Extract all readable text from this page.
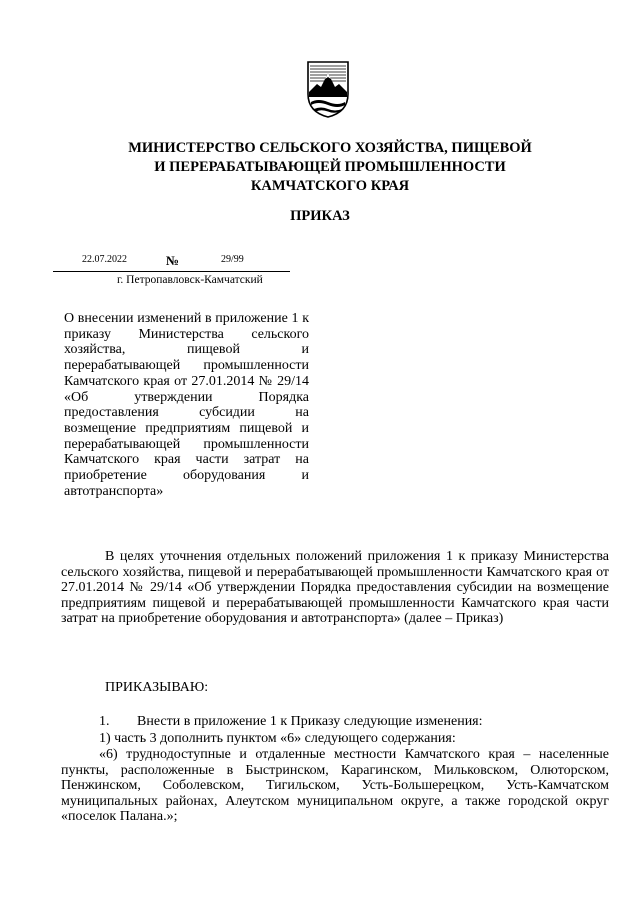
МИНИСТЕРСТВО СЕЛЬСКОГО ХОЗЯЙСТВА, ПИЩЕВОЙ
И ПЕРЕРАБАТЫВАЮЩЕЙ ПРОМЫШЛЕННОСТИ
КАМЧАТСКОГО КРАЯ
ПРИКАЗ
22.07.2022	№	29/99
г. Петропавловск-Камчатский

О внесении изменений в приложение 1 к приказу Министерства сельского хозяйства, пищевой и перерабатывающей промышленности Камчатского края от 27.01.2014 № 29/14 «Об утверждении Порядка предоставления субсидии на возмещение предприятиям пищевой и перерабатывающей промышленности Камчатского края части затрат на приобретение оборудования и автотранспорта»

В целях уточнения отдельных положений приложения 1 к приказу Министерства сельского хозяйства, пищевой и перерабатывающей промышленности Камчатского края от 27.01.2014 № 29/14 «Об утверждении Порядка предоставления субсидии на возмещение предприятиям пищевой и перерабатывающей промышленности Камчатского края части затрат на приобретение оборудования и автотранспорта» (далее – Приказ)

ПРИКАЗЫВАЮ:
1. Внести в приложение 1 к Приказу следующие изменения:
1) часть 3 дополнить пунктом «6» следующего содержания:

«6) труднодоступные и отдаленные местности Камчатского края – населенные пункты, расположенные в Быстринском, Карагинском, Мильковском, Олюторском, Пенжинском, Соболевском, Тигильском, Усть-Большерецком, Усть-Камчатском муниципальных районах, Алеутском муниципальном округе, а также городской округ «поселок Палана.»;
